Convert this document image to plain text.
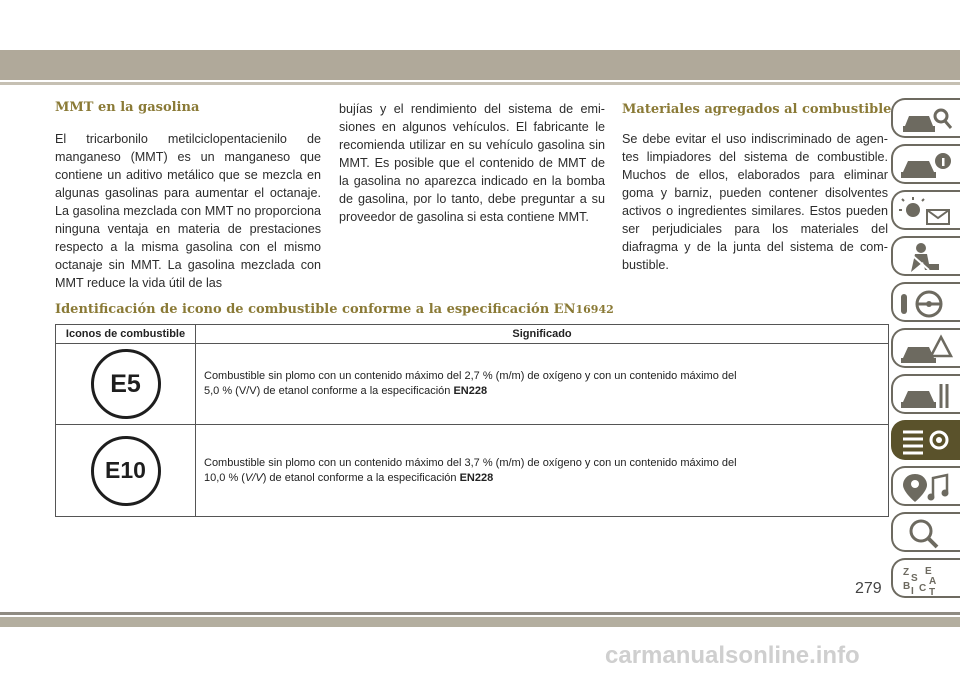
MMT en la gasolina

El tricarbonilo metilciclopentacienilo de manganeso (MMT) es un manganeso que contiene un aditivo metálico que se mezcla en algunas gasolinas para aumentar el octanaje. La gasolina mezclada con MMT no proporciona ninguna ventaja en materia de prestaciones respecto a la misma gasolina con el mismo octanaje sin MMT. La gasolina mezclada con MMT reduce la vida útil de las

bujías y el rendimiento del sistema de emisiones en algunos vehículos. El fabricante le recomienda utilizar en su vehículo gasolina sin MMT. Es posible que el contenido de MMT de la gasolina no aparezca indicado en la bomba de gasolina, por lo tanto, debe preguntar a su proveedor de gasolina si esta contiene MMT.

Materiales agregados al combustible

Se debe evitar el uso indiscriminado de agentes limpiadores del sistema de combustible. Muchos de ellos, elaborados para eliminar goma y barniz, pueden contener disolventes activos o ingredientes similares. Estos pueden ser perjudiciales para los materiales del diafragma y de la junta del sistema de combustible.

Identificación de icono de combustible conforme a la especificación EN16942
Iconos de combustible	Significado
E5	Combustible sin plomo con un contenido máximo del 2,7 % (m/m) de oxígeno y con un contenido máximo del
5,0 % (V/V) de etanol conforme a la especificación EN228

E10	Combustible sin plomo con un contenido máximo del 3,7 % (m/m) de oxígeno y con un contenido máximo del
10,0 % (V/V) de etanol conforme a la especificación EN228
Z
S
E
B A
I C T
279
carmanualsonline.info
